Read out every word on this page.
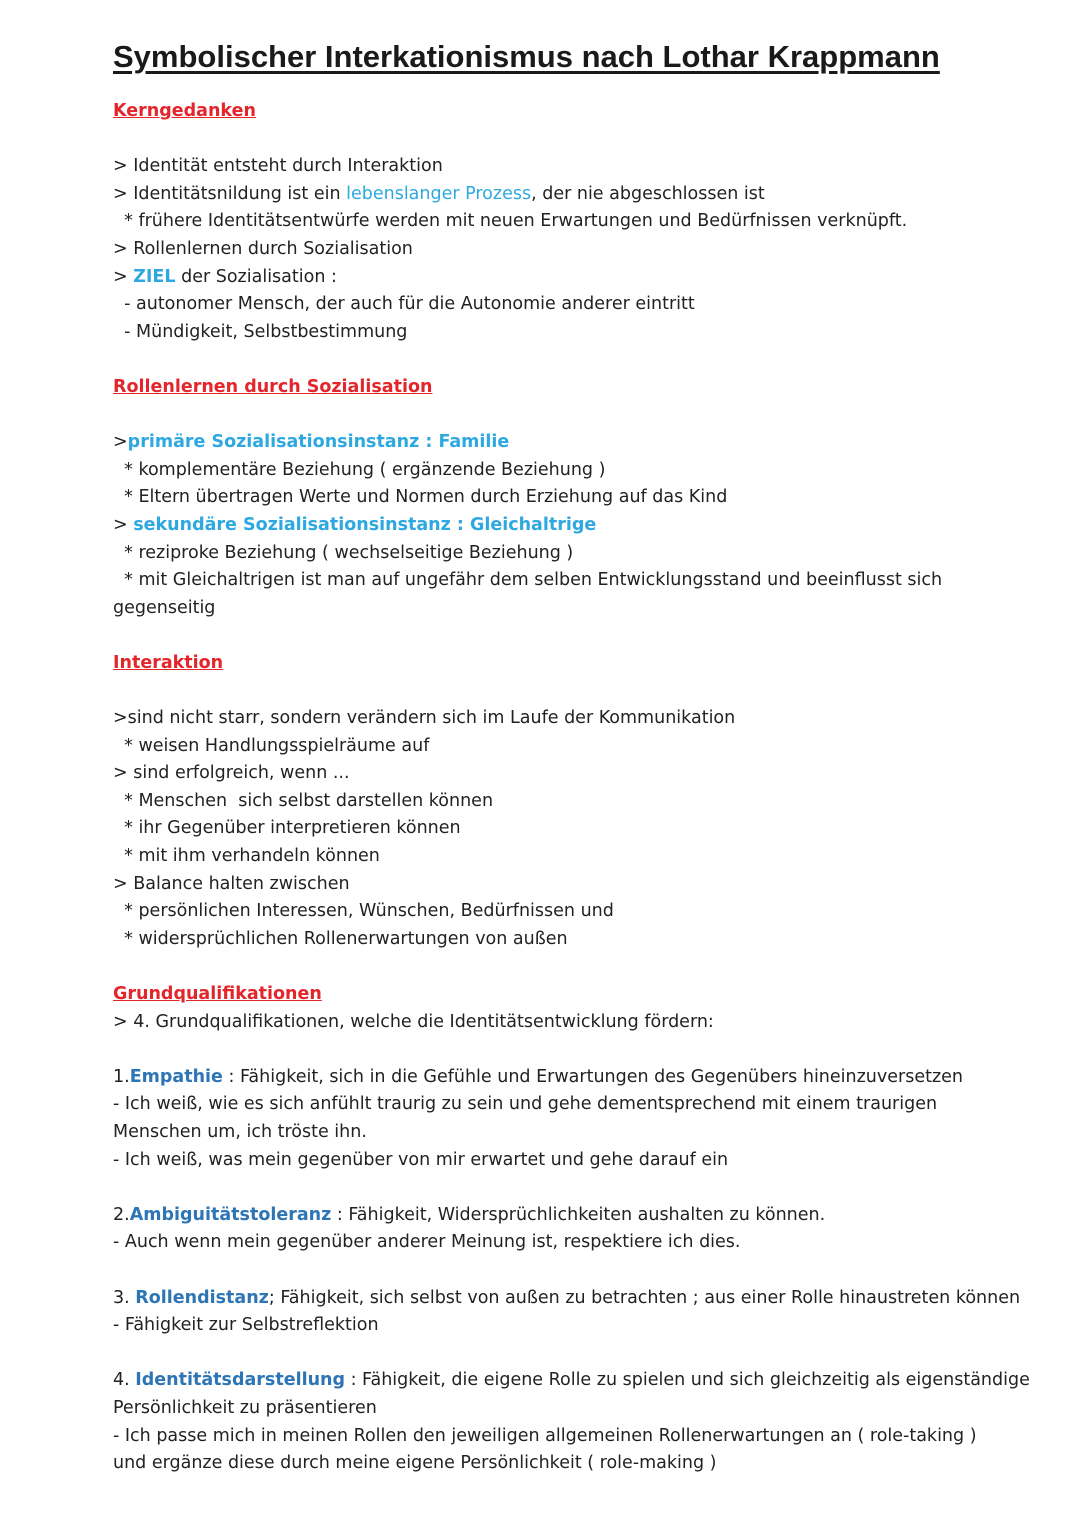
Symbolischer Interkationismus nach Lothar Krappmann
Kerngedanken
> Identität entsteht durch Interaktion
> Identitätsnildung ist ein lebenslanger Prozess, der nie abgeschlossen ist
* frühere Identitätsentwürfe werden mit neuen Erwartungen und Bedürfnissen verknüpft.
> Rollenlernen durch Sozialisation
> ZIEL der Sozialisation :
- autonomer Mensch, der auch für die Autonomie anderer eintritt
- Mündigkeit, Selbstbestimmung
Rollenlernen durch Sozialisation
>primäre Sozialisationsinstanz : Familie
* komplementäre Beziehung ( ergänzende Beziehung )
* Eltern übertragen Werte und Normen durch Erziehung auf das Kind
> sekundäre Sozialisationsinstanz : Gleichaltrige
* reziproke Beziehung ( wechselseitige Beziehung )
* mit Gleichaltrigen ist man auf ungefähr dem selben Entwicklungsstand und beeinflusst sich
gegenseitig
Interaktion
>sind nicht starr, sondern verändern sich im Laufe der Kommunikation
* weisen Handlungsspielräume auf
> sind erfolgreich, wenn ...
* Menschen  sich selbst darstellen können
* ihr Gegenüber interpretieren können
* mit ihm verhandeln können
> Balance halten zwischen
* persönlichen Interessen, Wünschen, Bedürfnissen und
* widersprüchlichen Rollenerwartungen von außen
Grundqualifikationen
> 4. Grundqualifikationen, welche die Identitätsentwicklung fördern:
1.Empathie : Fähigkeit, sich in die Gefühle und Erwartungen des Gegenübers hineinzuversetzen
- Ich weiß, wie es sich anfühlt traurig zu sein und gehe dementsprechend mit einem traurigen
Menschen um, ich tröste ihn.
- Ich weiß, was mein gegenüber von mir erwartet und gehe darauf ein
2.Ambiguitätstoleranz : Fähigkeit, Widersprüchlichkeiten aushalten zu können.
- Auch wenn mein gegenüber anderer Meinung ist, respektiere ich dies.
3. Rollendistanz; Fähigkeit, sich selbst von außen zu betrachten ; aus einer Rolle hinaustreten können
- Fähigkeit zur Selbstreflektion
4. Identitätsdarstellung : Fähigkeit, die eigene Rolle zu spielen und sich gleichzeitig als eigenständige
Persönlichkeit zu präsentieren
- Ich passe mich in meinen Rollen den jeweiligen allgemeinen Rollenerwartungen an ( role-taking )
und ergänze diese durch meine eigene Persönlichkeit ( role-making )
